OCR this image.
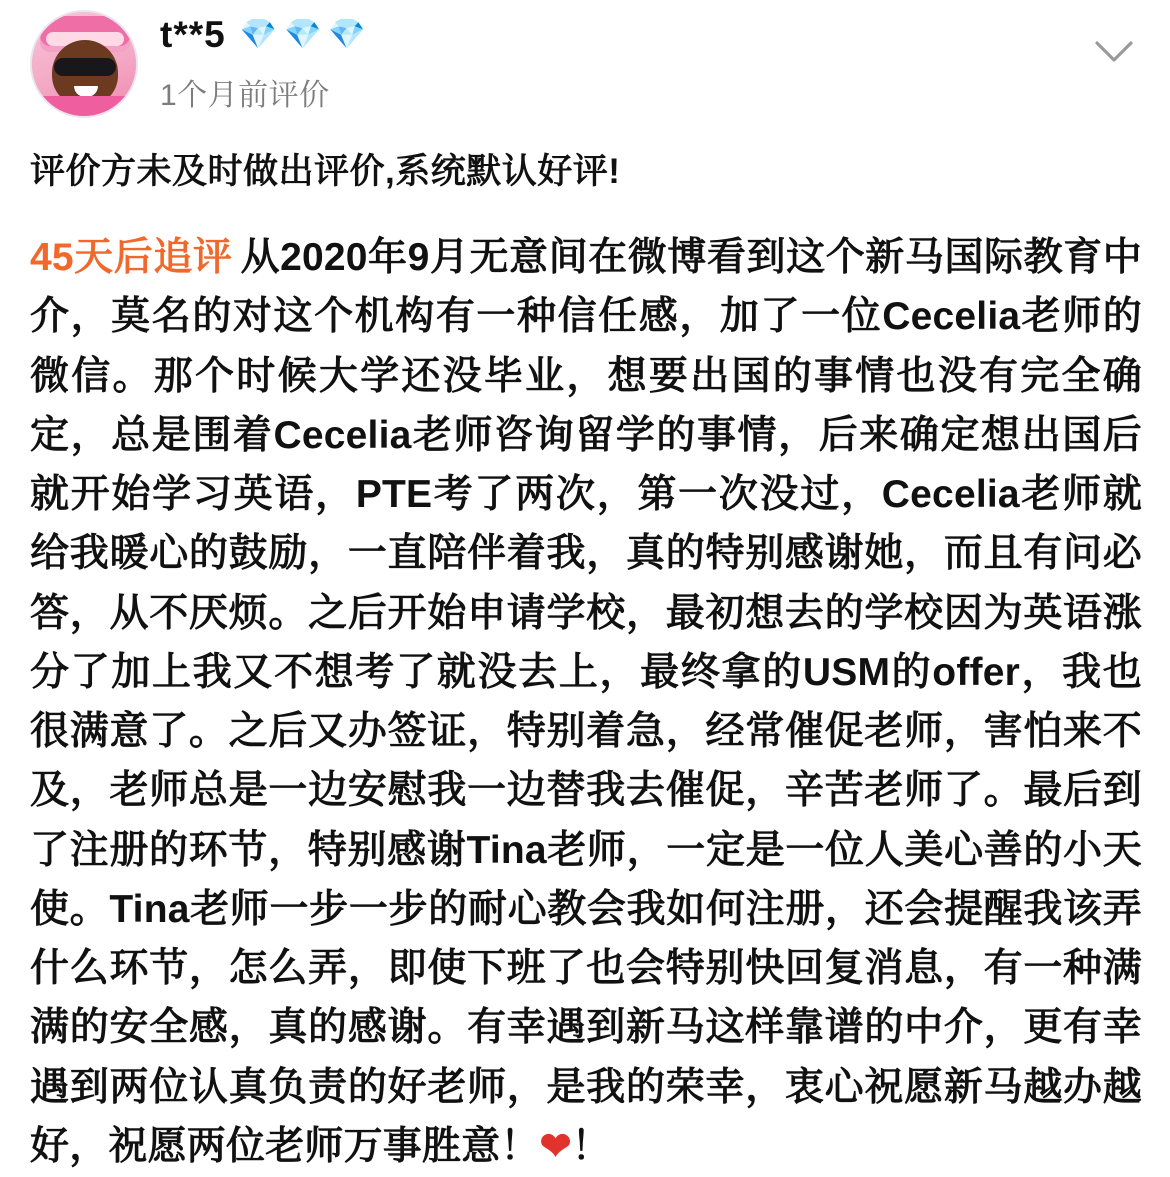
t**5 💎 💎 💎
1个月前评价
评价方未及时做出评价,系统默认好评!
45天后追评 从2020年9月无意间在微博看到这个新马国际教育中介，莫名的对这个机构有一种信任感，加了一位Cecelia老师的微信。那个时候大学还没毕业，想要出国的事情也没有完全确定，总是围着Cecelia老师咨询留学的事情，后来确定想出国后就开始学习英语，PTE考了两次，第一次没过，Cecelia老师就给我暖心的鼓励，一直陪伴着我，真的特别感谢她，而且有问必答，从不厌烦。之后开始申请学校，最初想去的学校因为英语涨分了加上我又不想考了就没去上，最终拿的USM的offer，我也很满意了。之后又办签证，特别着急，经常催促老师，害怕来不及，老师总是一边安慰我一边替我去催促，辛苦老师了。最后到了注册的环节，特别感谢Tina老师，一定是一位人美心善的小天使。Tina老师一步一步的耐心教会我如何注册，还会提醒我该弄什么环节，怎么弄，即使下班了也会特别快回复消息，有一种满满的安全感，真的感谢。有幸遇到新马这样靠谱的中介，更有幸遇到两位认真负责的好老师，是我的荣幸，衷心祝愿新马越办越好，祝愿两位老师万事胜意！❤！
